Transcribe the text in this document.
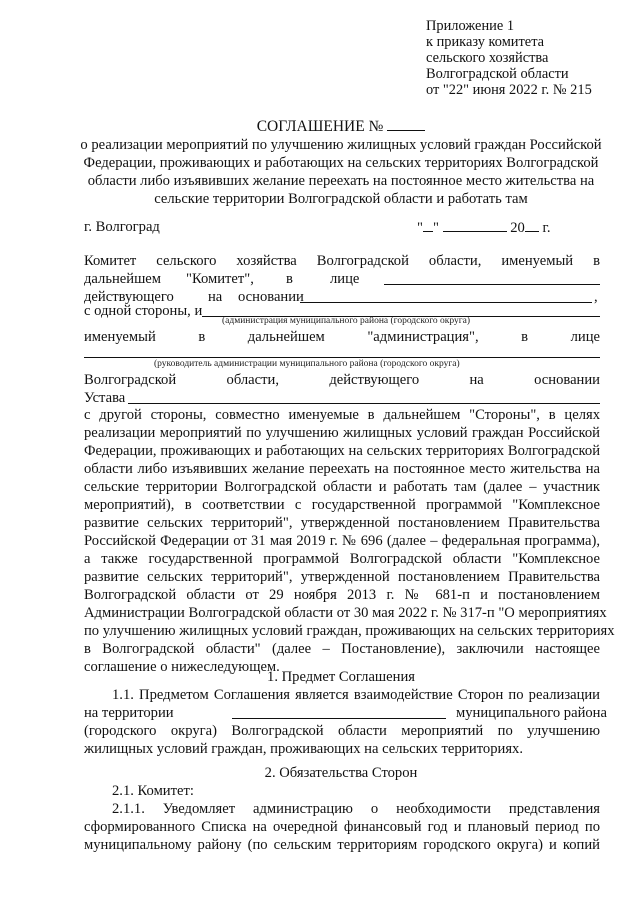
Приложение 1
к приказу комитета
сельского хозяйства
Волгоградской области
от "22" июня 2022 г. № 215
СОГЛАШЕНИЕ №
о реализации мероприятий по улучшению жилищных условий граждан Российской
Федерации, проживающих и работающих на сельских территориях Волгоградской
области либо изъявивших желание переехать на постоянное место жительства на
сельские территории Волгоградской области и работать там
г. Волгоград	" "	20 г.
Комитет сельского хозяйства Волгоградской области, именуемый в
дальнейшем "Комитет", в	лице
действующего на основании	,
с одной стороны, и
(администрация муниципального района (городского округа)
именуемый	в	дальнейшем	"администрация",	в	лице
(руководитель администрации муниципального района (городского округа)
Волгоградской	области,	действующего	на	основании
Устава
с другой стороны, совместно именуемые в дальнейшем "Стороны", в целях
реализации мероприятий по улучшению жилищных условий граждан Российской
Федерации, проживающих и работающих на сельских территориях Волгоградской
области либо изъявивших желание переехать на постоянное место жительства на
сельские территории Волгоградской области и работать там (далее – участник
мероприятий), в соответствии с государственной программой "Комплексное
развитие сельских территорий", утвержденной постановлением Правительства
Российской Федерации от 31 мая 2019 г. № 696 (далее – федеральная программа),
а также государственной программой Волгоградской области "Комплексное
развитие сельских территорий", утвержденной постановлением Правительства
Волгоградской области от 29 ноября 2013 г. № 681-п и постановлением
Администрации Волгоградской области от 30 мая 2022 г. № 317-п "О мероприятиях
по улучшению жилищных условий граждан, проживающих на сельских территориях
в Волгоградской области" (далее – Постановление), заключили настоящее
соглашение о нижеследующем.
1. Предмет Соглашения
1.1. Предметом Соглашения является взаимодействие Сторон по реализации
на территории	муниципального района
(городского округа) Волгоградской области мероприятий по улучшению
жилищных условий граждан, проживающих на сельских территориях.
2. Обязательства Сторон
2.1. Комитет:
2.1.1. Уведомляет администрацию о необходимости представления
сформированного Списка на очередной финансовый год и плановый период по
муниципальному району (по сельским территориям городского округа) и копий
